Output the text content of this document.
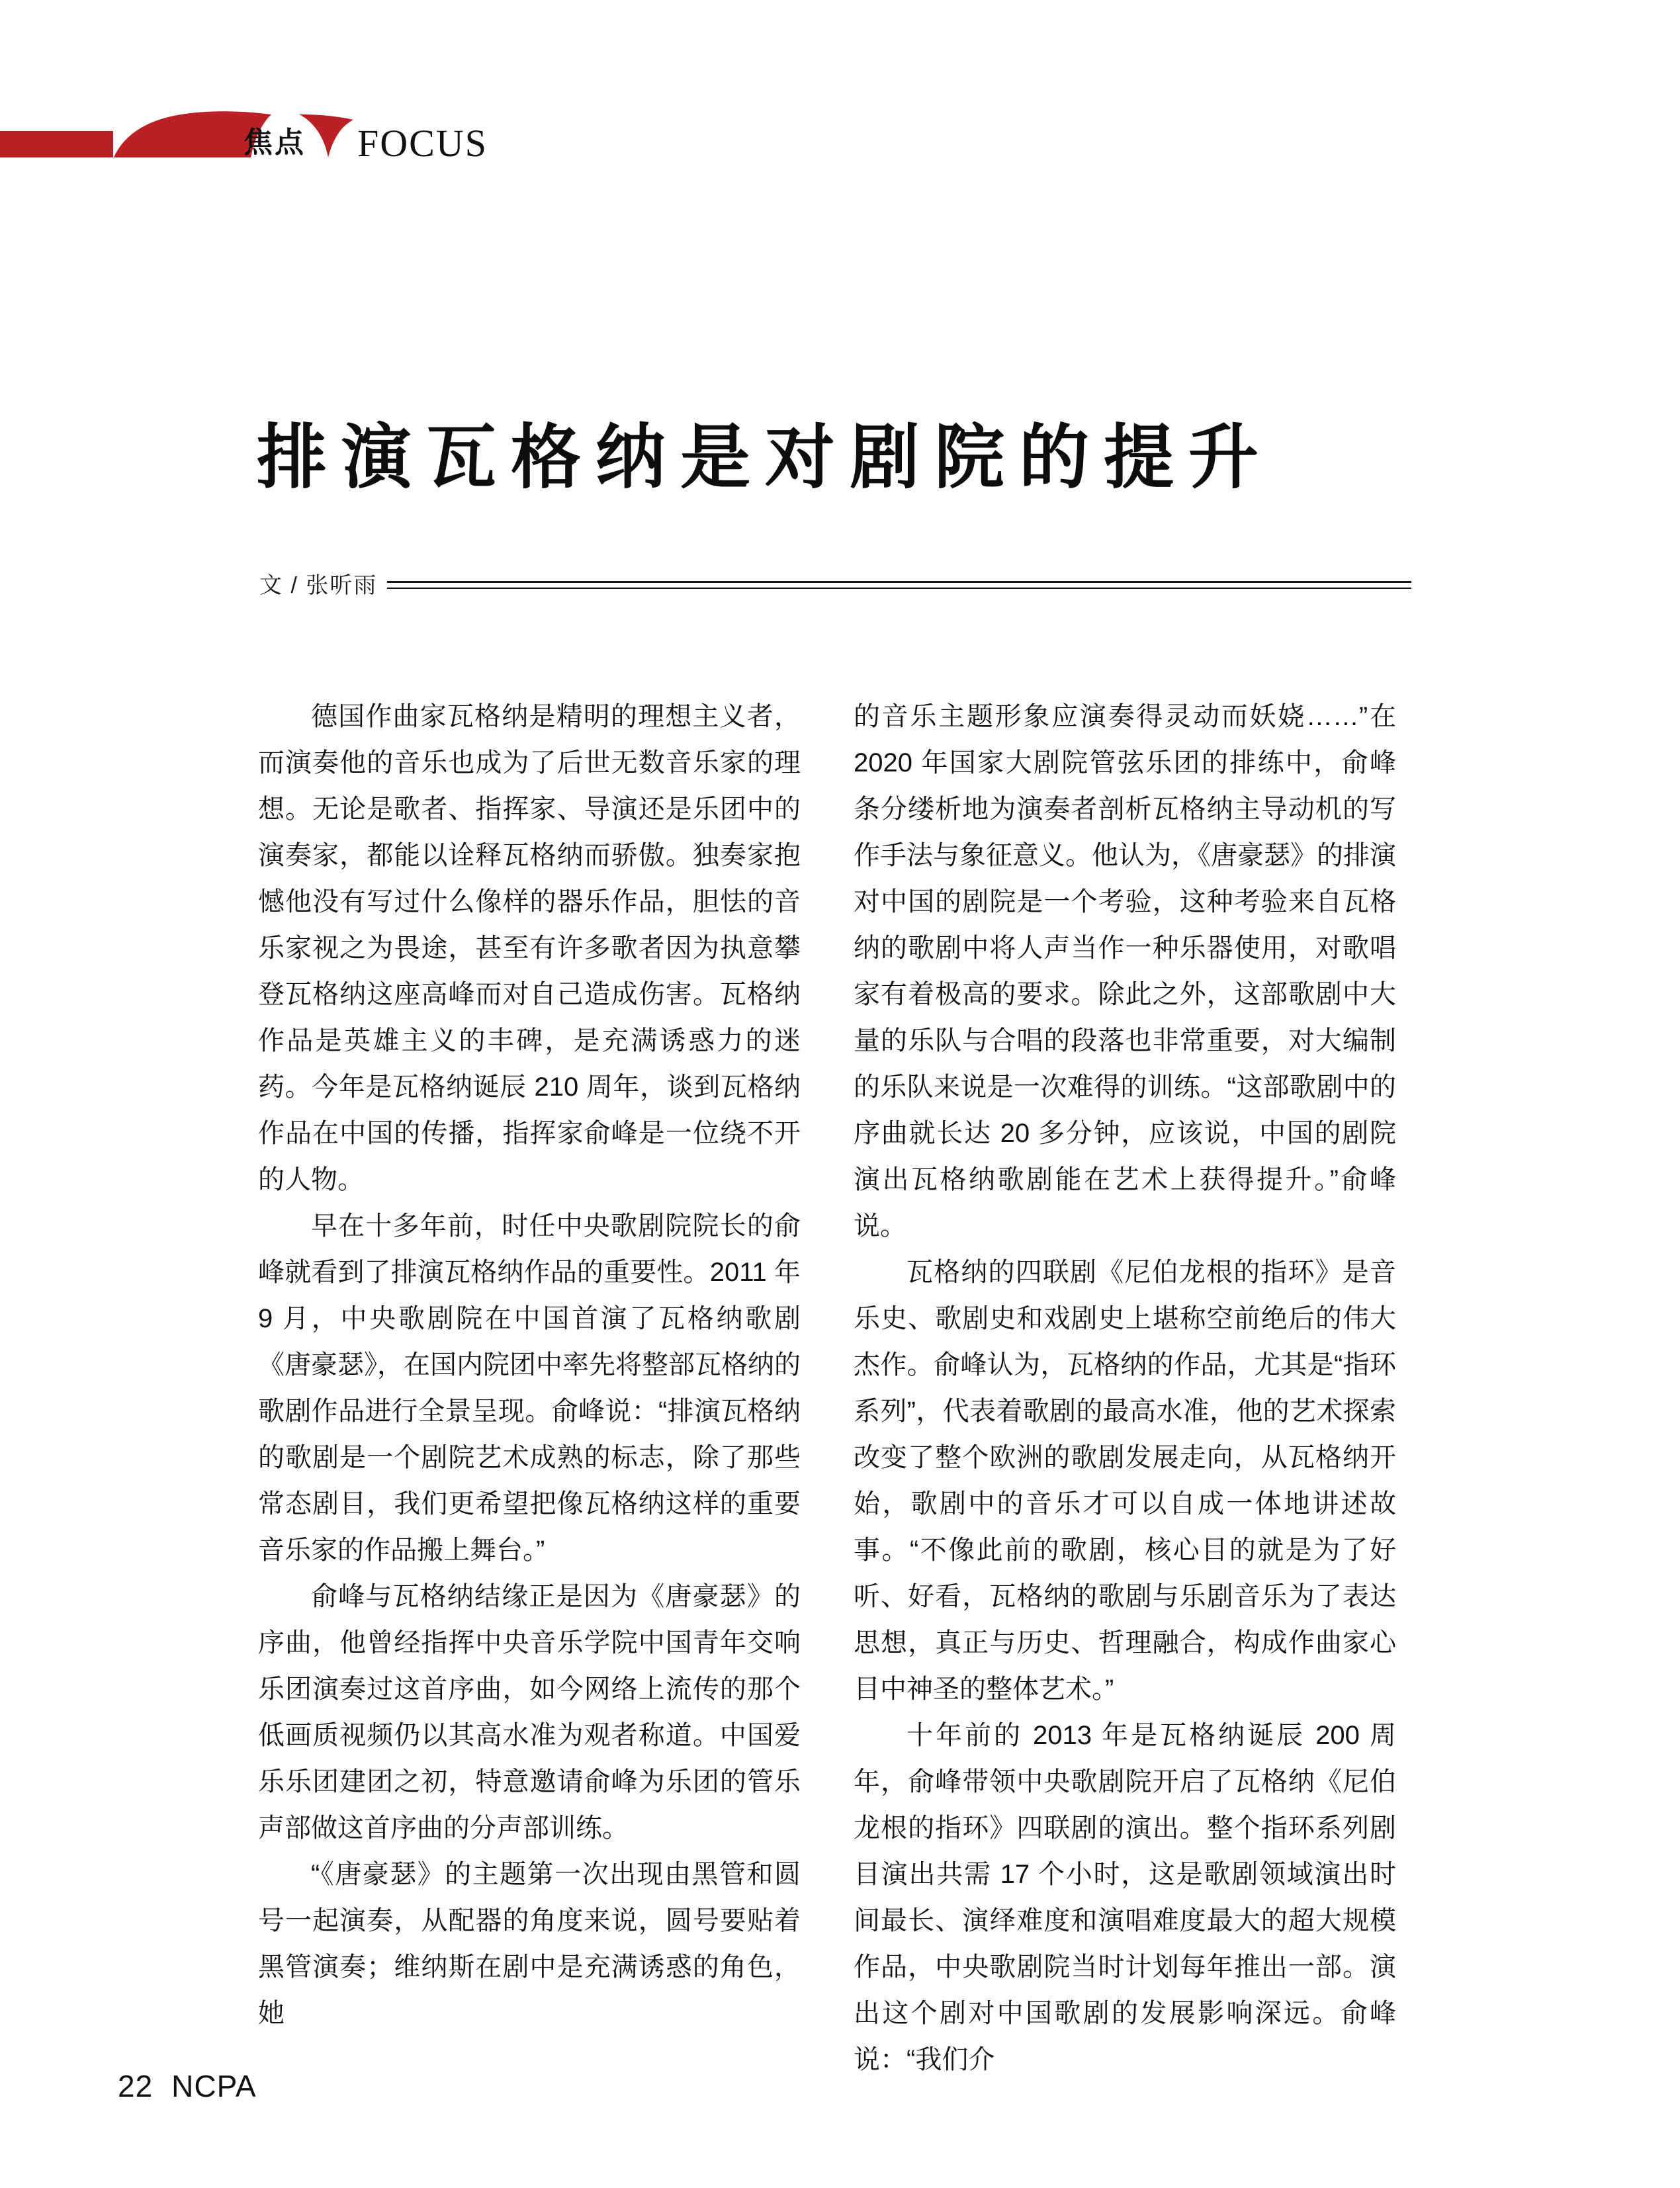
焦点 FOCUS
排演瓦格纳是对剧院的提升
文 / 张听雨

德国作曲家瓦格纳是精明的理想主义者，而演奏他的音乐也成为了后世无数音乐家的理想。无论是歌者、指挥家、导演还是乐团中的演奏家，都能以诠释瓦格纳而骄傲。独奏家抱憾他没有写过什么像样的器乐作品，胆怯的音乐家视之为畏途，甚至有许多歌者因为执意攀登瓦格纳这座高峰而对自己造成伤害。瓦格纳作品是英雄主义的丰碑，是充满诱惑力的迷药。今年是瓦格纳诞辰 210 周年，谈到瓦格纳作品在中国的传播，指挥家俞峰是一位绕不开的人物。

早在十多年前，时任中央歌剧院院长的俞峰就看到了排演瓦格纳作品的重要性。2011 年 9 月，中央歌剧院在中国首演了瓦格纳歌剧《唐豪瑟》，在国内院团中率先将整部瓦格纳的歌剧作品进行全景呈现。俞峰说：“排演瓦格纳的歌剧是一个剧院艺术成熟的标志，除了那些常态剧目，我们更希望把像瓦格纳这样的重要音乐家的作品搬上舞台。”

俞峰与瓦格纳结缘正是因为《唐豪瑟》的序曲，他曾经指挥中央音乐学院中国青年交响乐团演奏过这首序曲，如今网络上流传的那个低画质视频仍以其高水准为观者称道。中国爱乐乐团建团之初，特意邀请俞峰为乐团的管乐声部做这首序曲的分声部训练。

“《唐豪瑟》的主题第一次出现由黑管和圆号一起演奏，从配器的角度来说，圆号要贴着黑管演奏；维纳斯在剧中是充满诱惑的角色，她

的音乐主题形象应演奏得灵动而妖娆……”在 2020 年国家大剧院管弦乐团的排练中，俞峰条分缕析地为演奏者剖析瓦格纳主导动机的写作手法与象征意义。他认为，《唐豪瑟》的排演对中国的剧院是一个考验，这种考验来自瓦格纳的歌剧中将人声当作一种乐器使用，对歌唱家有着极高的要求。除此之外，这部歌剧中大量的乐队与合唱的段落也非常重要，对大编制的乐队来说是一次难得的训练。“这部歌剧中的序曲就长达 20 多分钟，应该说，中国的剧院演出瓦格纳歌剧能在艺术上获得提升。”俞峰说。

瓦格纳的四联剧《尼伯龙根的指环》是音乐史、歌剧史和戏剧史上堪称空前绝后的伟大杰作。俞峰认为，瓦格纳的作品，尤其是“指环系列”，代表着歌剧的最高水准，他的艺术探索改变了整个欧洲的歌剧发展走向，从瓦格纳开始，歌剧中的音乐才可以自成一体地讲述故事。“不像此前的歌剧，核心目的就是为了好听、好看，瓦格纳的歌剧与乐剧音乐为了表达思想，真正与历史、哲理融合，构成作曲家心目中神圣的整体艺术。”

十年前的 2013 年是瓦格纳诞辰 200 周年，俞峰带领中央歌剧院开启了瓦格纳《尼伯龙根的指环》四联剧的演出。整个指环系列剧目演出共需 17 个小时，这是歌剧领域演出时间最长、演绎难度和演唱难度最大的超大规模作品，中央歌剧院当时计划每年推出一部。演出这个剧对中国歌剧的发展影响深远。俞峰说：“我们介

22 NCPA
